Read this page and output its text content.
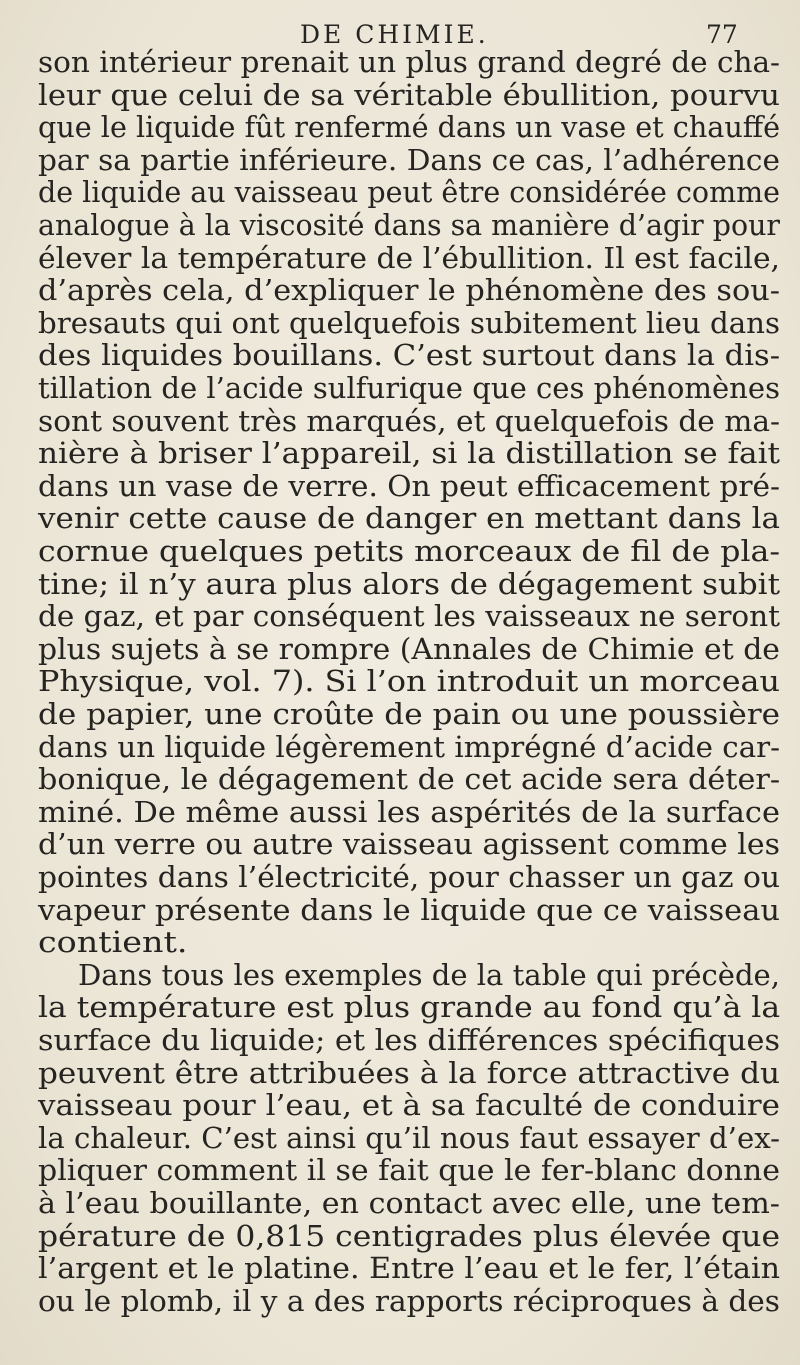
DE CHIMIE.	77
son intérieur prenait un plus grand degré de cha-
leur que celui de sa véritable ébullition, pourvu
que le liquide fût renfermé dans un vase et chauffé
par sa partie inférieure. Dans ce cas, l’adhérence
de liquide au vaisseau peut être considérée comme
analogue à la viscosité dans sa manière d’agir pour
élever la température de l’ébullition. Il est facile,
d’après cela, d’expliquer le phénomène des sou-
bresauts qui ont quelquefois subitement lieu dans
des liquides bouillans. C’est surtout dans la dis-
tillation de l’acide sulfurique que ces phénomènes
sont souvent très marqués, et quelquefois de ma-
nière à briser l’appareil, si la distillation se fait
dans un vase de verre. On peut efficacement pré-
venir cette cause de danger en mettant dans la
cornue quelques petits morceaux de fil de pla-
tine; il n’y aura plus alors de dégagement subit
de gaz, et par conséquent les vaisseaux ne seront
plus sujets à se rompre (Annales de Chimie et de
Physique, vol. 7). Si l’on introduit un morceau
de papier, une croûte de pain ou une poussière
dans un liquide légèrement imprégné d’acide car-
bonique, le dégagement de cet acide sera déter-
miné. De même aussi les aspérités de la surface
d’un verre ou autre vaisseau agissent comme les
pointes dans l’électricité, pour chasser un gaz ou
vapeur présente dans le liquide que ce vaisseau
contient.
Dans tous les exemples de la table qui précède,
la température est plus grande au fond qu’à la
surface du liquide; et les différences spécifiques
peuvent être attribuées à la force attractive du
vaisseau pour l’eau, et à sa faculté de conduire
la chaleur. C’est ainsi qu’il nous faut essayer d’ex-
pliquer comment il se fait que le fer-blanc donne
à l’eau bouillante, en contact avec elle, une tem-
pérature de 0,815 centigrades plus élevée que
l’argent et le platine. Entre l’eau et le fer, l’étain
ou le plomb, il y a des rapports réciproques à des
